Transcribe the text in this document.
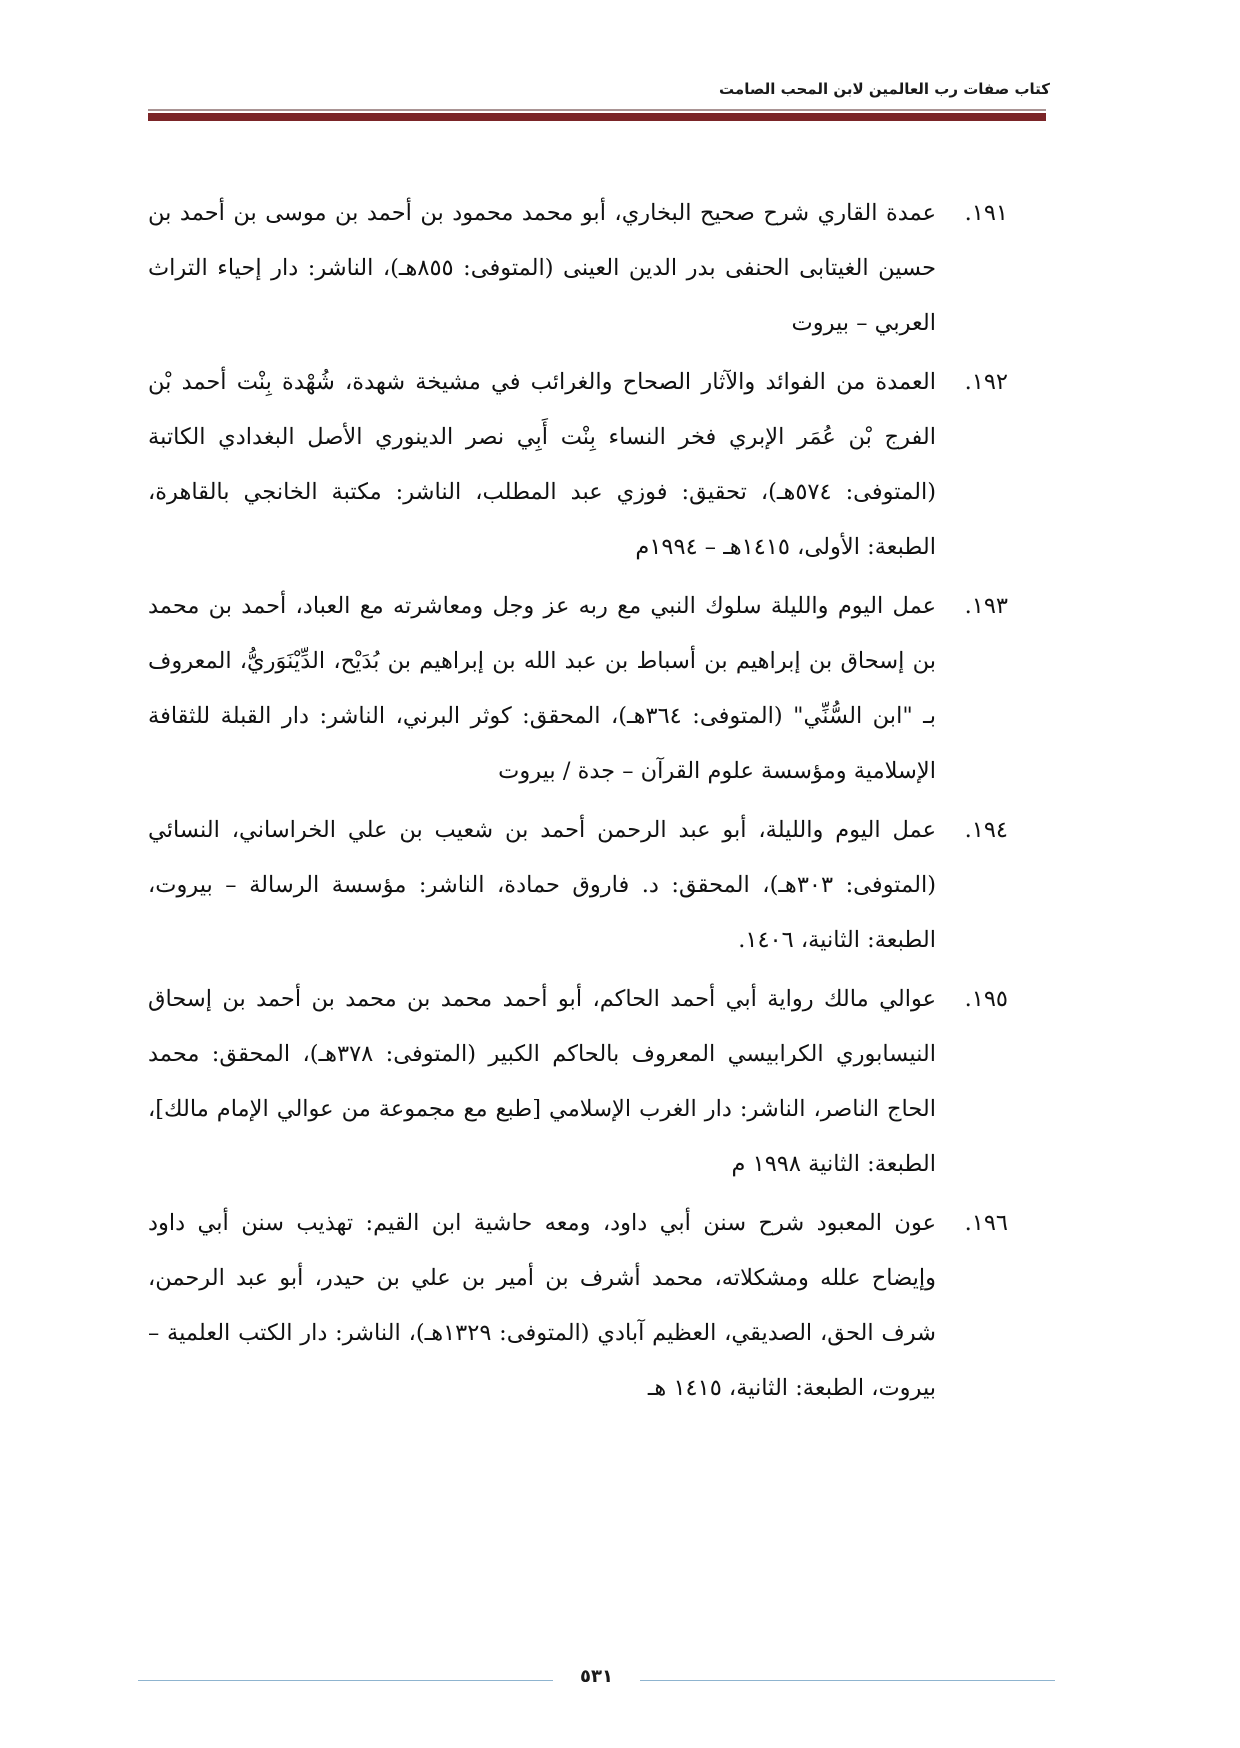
كتاب صفات رب العالمين لابن المحب الصامت

١٩١.عمدة القاري شرح صحيح البخاري، أبو محمد محمود بن أحمد بن موسى بن أحمد بن حسين الغيتابى الحنفى بدر الدين العينى (المتوفى: ٨٥٥هـ)، الناشر: دار إحياء التراث العربي – بيروت

١٩٢.العمدة من الفوائد والآثار الصحاح والغرائب في مشيخة شهدة، شُهْدة بِنْت أحمد بْن الفرج بْن عُمَر الإبري فخر النساء بِنْت أَبِي نصر الدينوري الأصل البغدادي الكاتبة (المتوفى: ٥٧٤هـ)، تحقيق: فوزي عبد المطلب، الناشر: مكتبة الخانجي بالقاهرة، الطبعة: الأولى، ١٤١٥هـ – ١٩٩٤م

١٩٣.عمل اليوم والليلة سلوك النبي مع ربه عز وجل ومعاشرته مع العباد، أحمد بن محمد بن إسحاق بن إبراهيم بن أسباط بن عبد الله بن إبراهيم بن بُدَيْح، الدِّيْنَوَريُّ، المعروف بـ "ابن السُّنِّي" (المتوفى: ٣٦٤هـ)، المحقق: كوثر البرني، الناشر: دار القبلة للثقافة الإسلامية ومؤسسة علوم القرآن – جدة / بيروت

١٩٤.عمل اليوم والليلة، أبو عبد الرحمن أحمد بن شعيب بن علي الخراساني، النسائي (المتوفى: ٣٠٣هـ)، المحقق: د. فاروق حمادة، الناشر: مؤسسة الرسالة – بيروت، الطبعة: الثانية، ١٤٠٦.

١٩٥.عوالي مالك رواية أبي أحمد الحاكم، أبو أحمد محمد بن محمد بن أحمد بن إسحاق النيسابوري الكرابيسي المعروف بالحاكم الكبير (المتوفى: ٣٧٨هـ)، المحقق: محمد الحاج الناصر، الناشر: دار الغرب الإسلامي [طبع مع مجموعة من عوالي الإمام مالك]، الطبعة: الثانية ١٩٩٨ م

١٩٦.عون المعبود شرح سنن أبي داود، ومعه حاشية ابن القيم: تهذيب سنن أبي داود وإيضاح علله ومشكلاته، محمد أشرف بن أمير بن علي بن حيدر، أبو عبد الرحمن، شرف الحق، الصديقي، العظيم آبادي (المتوفى: ١٣٢٩هـ)، الناشر: دار الكتب العلمية – بيروت، الطبعة: الثانية، ١٤١٥ هـ

٥٣١
